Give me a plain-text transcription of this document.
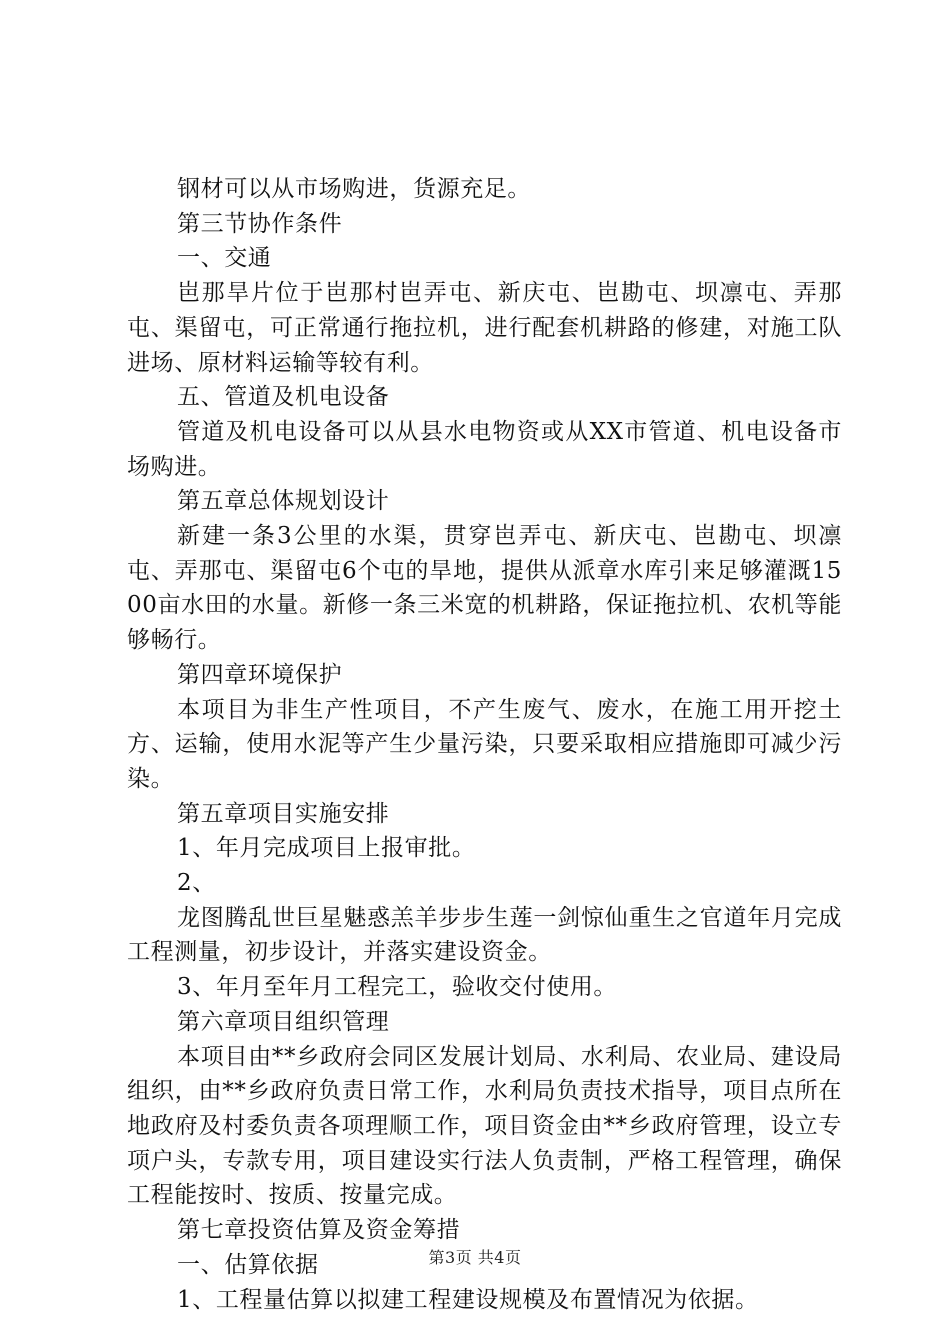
钢材可以从市场购进，货源充足。

第三节协作条件

一、交通

岜那旱片位于岜那村岜弄屯、新庆屯、岜勘屯、坝凛屯、弄那屯、渠留屯，可正常通行拖拉机，进行配套机耕路的修建，对施工队进场、原材料运输等较有利。

五、管道及机电设备

管道及机电设备可以从县水电物资或从XX市管道、机电设备市场购进。

第五章总体规划设计

新建一条3公里的水渠，贯穿岜弄屯、新庆屯、岜勘屯、坝凛屯、弄那屯、渠留屯6个屯的旱地，提供从派章水库引来足够灌溉1500亩水田的水量。新修一条三米宽的机耕路，保证拖拉机、农机等能够畅行。

第四章环境保护

本项目为非生产性项目，不产生废气、废水，在施工用开挖土方、运输，使用水泥等产生少量污染，只要采取相应措施即可减少污染。

第五章项目实施安排

1、年月完成项目上报审批。

2、

龙图腾乱世巨星魅惑羔羊步步生莲一剑惊仙重生之官道年月完成工程测量，初步设计，并落实建设资金。

3、年月至年月工程完工，验收交付使用。

第六章项目组织管理

本项目由**乡政府会同区发展计划局、水利局、农业局、建设局组织，由**乡政府负责日常工作，水利局负责技术指导，项目点所在地政府及村委负责各项理顺工作，项目资金由**乡政府管理，设立专项户头，专款专用，项目建设实行法人负责制，严格工程管理，确保工程能按时、按质、按量完成。

第七章投资估算及资金筹措

一、估算依据

1、工程量估算以拟建工程建设规模及布置情况为依据。

第3页 共4页
